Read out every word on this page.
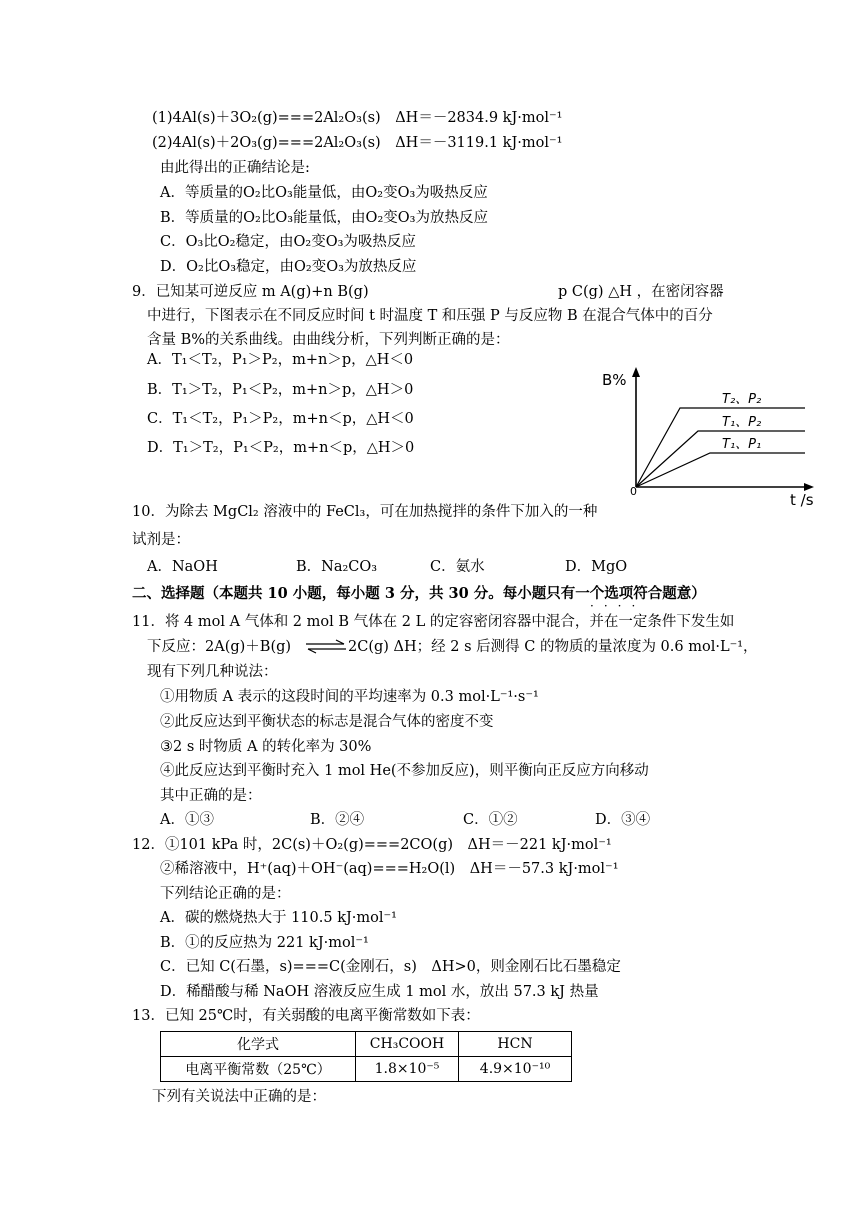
(1)4Al(s)＋3O₂(g)===2Al₂O₃(s)　ΔH＝－2834.9 kJ·mol⁻¹
(2)4Al(s)＋2O₃(g)===2Al₂O₃(s)　ΔH＝－3119.1 kJ·mol⁻¹
由此得出的正确结论是:
A．等质量的O₂比O₃能量低，由O₂变O₃为吸热反应
B．等质量的O₂比O₃能量低，由O₂变O₃为放热反应
C．O₃比O₂稳定，由O₂变O₃为吸热反应
D．O₂比O₃稳定，由O₂变O₃为放热反应
9．已知某可逆反应 m A(g)+n B(g)	p C(g) △H ，在密闭容器
中进行，下图表示在不同反应时间 t 时温度 T 和压强 P 与反应物 B 在混合气体中的百分
含量 B%的关系曲线。由曲线分析，下列判断正确的是：
A．T₁＜T₂，P₁＞P₂，m+n＞p，△H＜0
B．T₁＞T₂，P₁＜P₂，m+n＞p，△H＞0
C．T₁＜T₂，P₁＞P₂，m+n＜p，△H＜0
D．T₁＞T₂，P₁＜P₂，m+n＜p，△H＞0
B%
0	t /s
T₂、P₂
T₁、P₂
T₁、P₁
10．为除去 MgCl₂ 溶液中的 FeCl₃，可在加热搅拌的条件下加入的一种
试剂是：
A．NaOH	B．Na₂CO₃	C．氨水	D．MgO
二、选择题（本题共 10 小题，每小题 3 分，共 30 分。每小题只有一个选项符合题意）
····
11．将 4 mol A 气体和 2 mol B 气体在 2 L 的定容密闭容器中混合，并在一定条件下发生如
下反应：2A(g)＋B(g) ⇌ 2C(g) ΔH；经 2 s 后测得 C 的物质的量浓度为 0.6 mol·L⁻¹，
现有下列几种说法：
①用物质 A 表示的这段时间的平均速率为 0.3 mol·L⁻¹·s⁻¹
②此反应达到平衡状态的标志是混合气体的密度不变
③2 s 时物质 A 的转化率为 30%
④此反应达到平衡时充入 1 mol He(不参加反应)，则平衡向正反应方向移动
其中正确的是：
A．①③	B．②④	C．①②	D．③④
12．①101 kPa 时，2C(s)＋O₂(g)===2CO(g)　ΔH＝－221 kJ·mol⁻¹
②稀溶液中，H⁺(aq)＋OH⁻(aq)===H₂O(l)　ΔH＝－57.3 kJ·mol⁻¹
下列结论正确的是：
A．碳的燃烧热大于 110.5 kJ·mol⁻¹
B．①的反应热为 221 kJ·mol⁻¹
C．已知 C(石墨，s)===C(金刚石，s)　ΔH>0，则金刚石比石墨稳定
D．稀醋酸与稀 NaOH 溶液反应生成 1 mol 水，放出 57.3 kJ 热量
13．已知 25℃时，有关弱酸的电离平衡常数如下表：
化学式	CH₃COOH	HCN
电离平衡常数（25℃）	1.8×10⁻⁵	4.9×10⁻¹⁰
下列有关说法中正确的是：
